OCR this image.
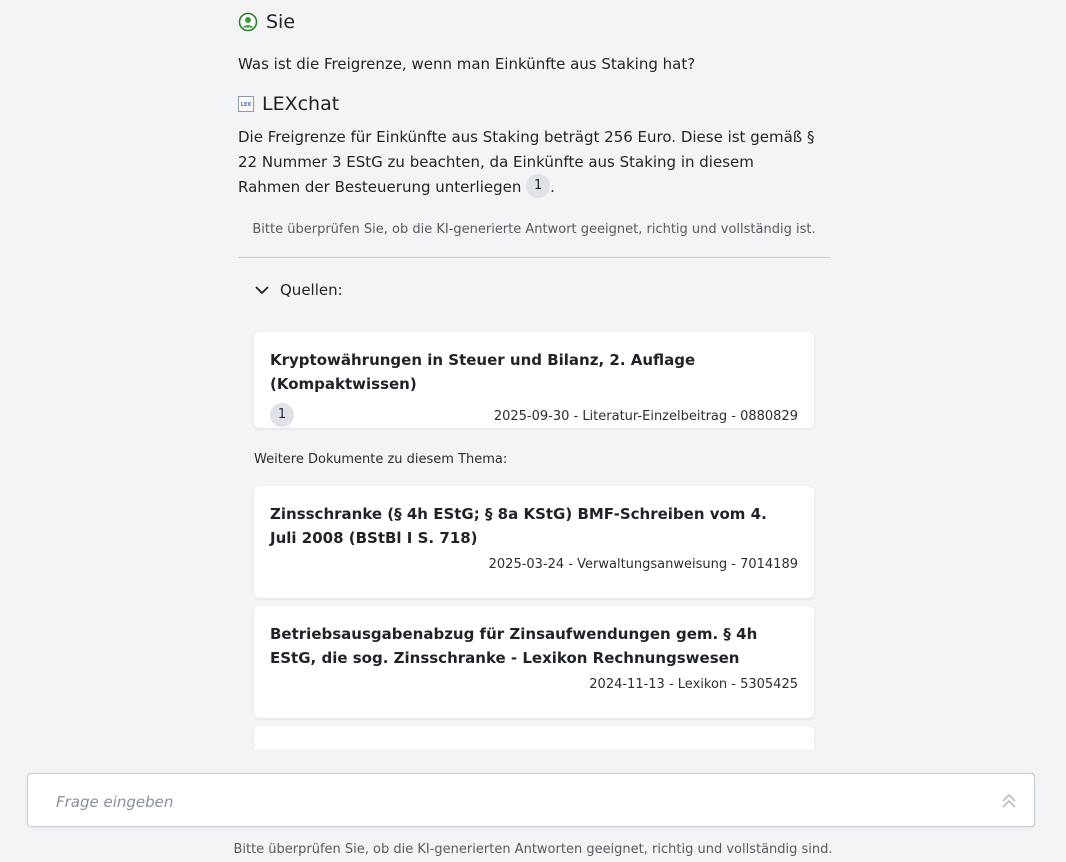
Sie
Was ist die Freigrenze, wenn man Einkünfte aus Staking hat?
LEX LEXchat
Die Freigrenze für Einkünfte aus Staking beträgt 256 Euro. Diese ist gemäß § 22 Nummer 3 EStG zu beachten, da Einkünfte aus Staking in diesem Rahmen der Besteuerung unterliegen 1 .
Bitte überprüfen Sie, ob die KI-generierte Antwort geeignet, richtig und vollständig ist.
Quellen:
Kryptowährungen in Steuer und Bilanz, 2. Auflage (Kompaktwissen)
1	2025-09-30 - Literatur-Einzelbeitrag - 0880829
Weitere Dokumente zu diesem Thema:
Zinsschranke (§ 4h EStG; § 8a KStG) BMF-Schreiben vom 4. Juli 2008 (BStBl I S. 718)
2025-03-24 - Verwaltungsanweisung - 7014189
Betriebsausgabenabzug für Zinsaufwendungen gem. § 4h EStG, die sog. Zinsschranke - Lexikon Rechnungswesen
2024-11-13 - Lexikon - 5305425
Frage eingeben
Bitte überprüfen Sie, ob die KI-generierten Antworten geeignet, richtig und vollständig sind.
